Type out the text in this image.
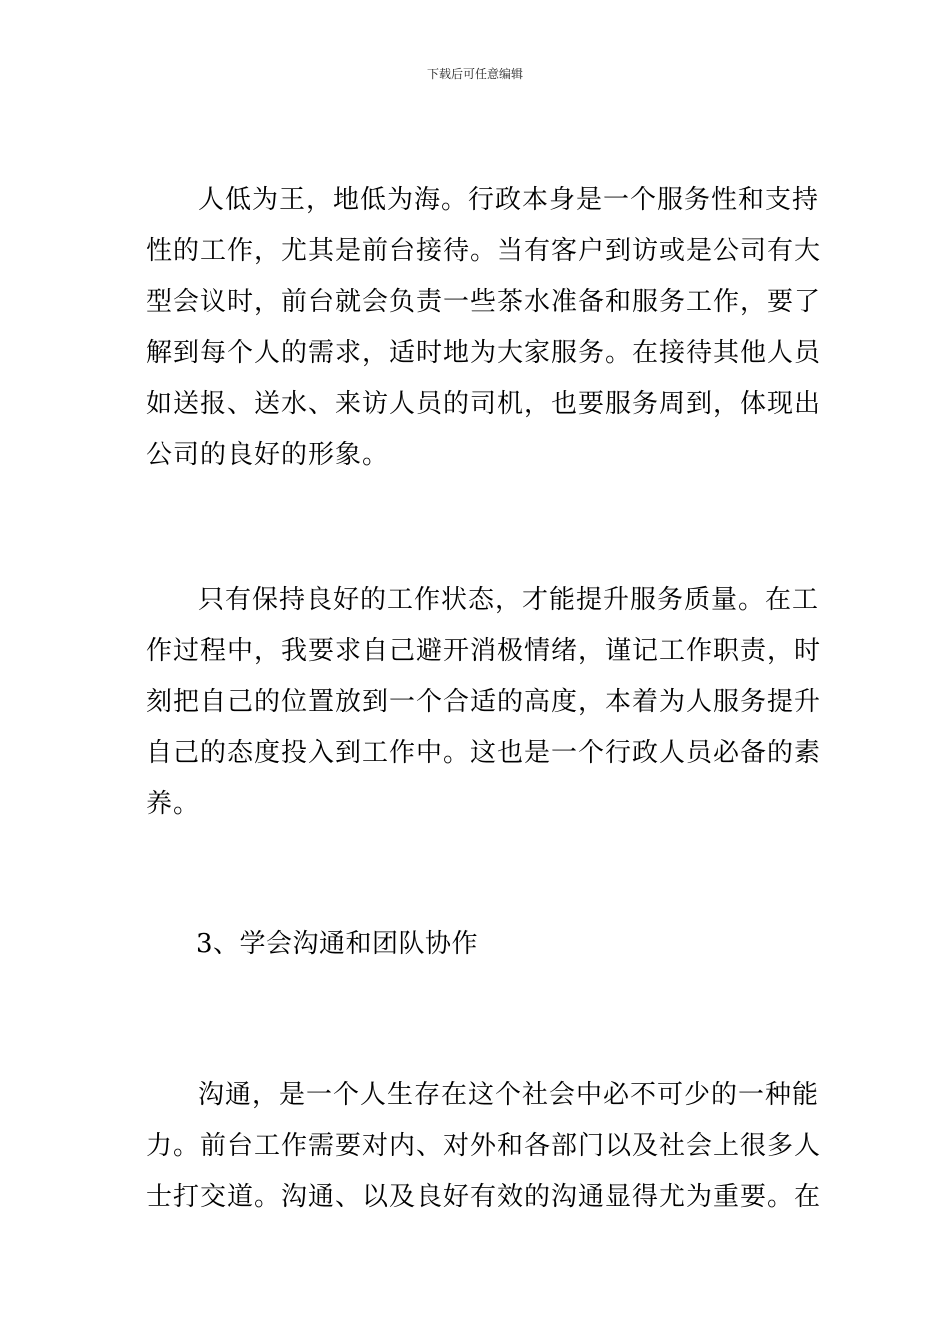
下载后可任意编辑
人低为王，地低为海。行政本身是一个服务性和支持
性的工作，尤其是前台接待。当有客户到访或是公司有大
型会议时，前台就会负责一些茶水准备和服务工作，要了
解到每个人的需求，适时地为大家服务。在接待其他人员
如送报、送水、来访人员的司机，也要服务周到，体现出
公司的良好的形象。
只有保持良好的工作状态，才能提升服务质量。在工
作过程中，我要求自己避开消极情绪，谨记工作职责，时
刻把自己的位置放到一个合适的高度，本着为人服务提升
自己的态度投入到工作中。这也是一个行政人员必备的素
养。
3、学会沟通和团队协作
沟通，是一个人生存在这个社会中必不可少的一种能
力。前台工作需要对内、对外和各部门以及社会上很多人
士打交道。沟通、以及良好有效的沟通显得尤为重要。在
